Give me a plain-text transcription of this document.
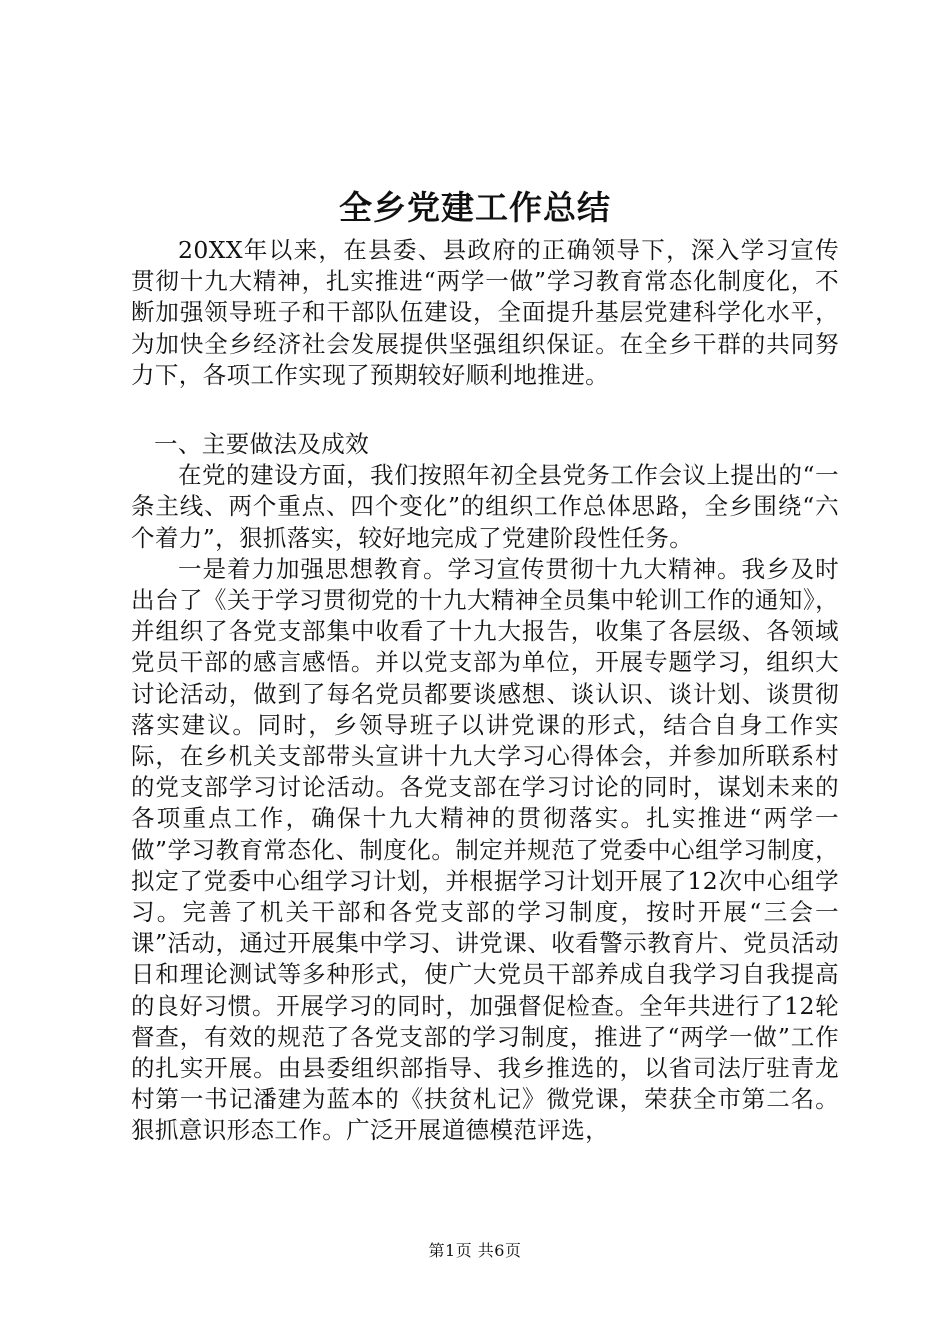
全乡党建工作总结

20XX年以来，在县委、县政府的正确领导下，深入学习宣传贯彻十九大精神，扎实推进“两学一做”学习教育常态化制度化，不断加强领导班子和干部队伍建设，全面提升基层党建科学化水平，为加快全乡经济社会发展提供坚强组织保证。在全乡干群的共同努力下，各项工作实现了预期较好顺利地推进。

一、主要做法及成效

在党的建设方面，我们按照年初全县党务工作会议上提出的“一条主线、两个重点、四个变化”的组织工作总体思路，全乡围绕“六个着力”，狠抓落实，较好地完成了党建阶段性任务。

一是着力加强思想教育。学习宣传贯彻十九大精神。我乡及时出台了《关于学习贯彻党的十九大精神全员集中轮训工作的通知》，并组织了各党支部集中收看了十九大报告，收集了各层级、各领域党员干部的感言感悟。并以党支部为单位，开展专题学习，组织大讨论活动，做到了每名党员都要谈感想、谈认识、谈计划、谈贯彻落实建议。同时，乡领导班子以讲党课的形式，结合自身工作实际，在乡机关支部带头宣讲十九大学习心得体会，并参加所联系村的党支部学习讨论活动。各党支部在学习讨论的同时，谋划未来的各项重点工作，确保十九大精神的贯彻落实。扎实推进“两学一做”学习教育常态化、制度化。制定并规范了党委中心组学习制度，拟定了党委中心组学习计划，并根据学习计划开展了12次中心组学习。完善了机关干部和各党支部的学习制度，按时开展“三会一课”活动，通过开展集中学习、讲党课、收看警示教育片、党员活动日和理论测试等多种形式，使广大党员干部养成自我学习自我提高的良好习惯。开展学习的同时，加强督促检查。全年共进行了12轮督查，有效的规范了各党支部的学习制度，推进了“两学一做”工作的扎实开展。由县委组织部指导、我乡推选的，以省司法厅驻青龙村第一书记潘建为蓝本的《扶贫札记》微党课，荣获全市第二名。狠抓意识形态工作。广泛开展道德模范评选，

第1页 共6页
